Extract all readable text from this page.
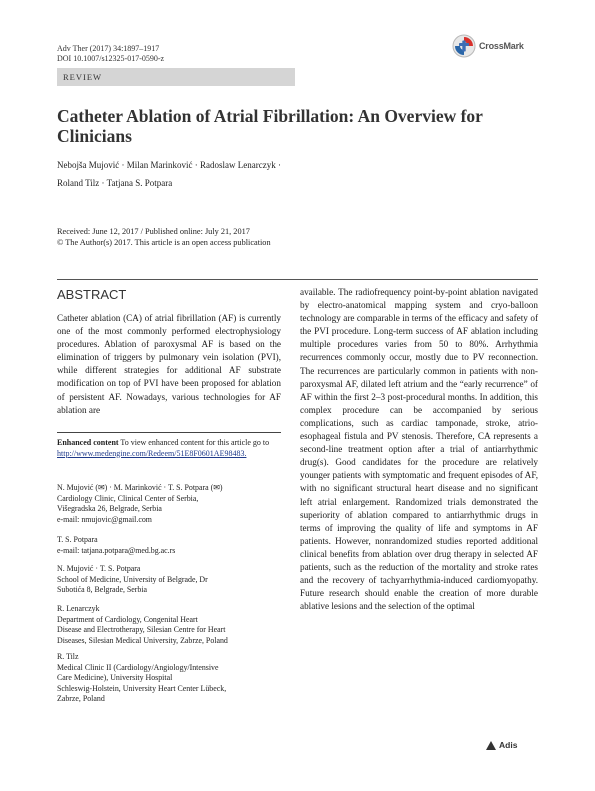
Adv Ther (2017) 34:1897–1917
DOI 10.1007/s12325-017-0590-z
CrossMark
REVIEW
Catheter Ablation of Atrial Fibrillation: An Overview for Clinicians
Nebojša Mujović · Milan Marinković · Radoslaw Lenarczyk ·
Roland Tilz · Tatjana S. Potpara
Received: June 12, 2017 / Published online: July 21, 2017
© The Author(s) 2017. This article is an open access publication
ABSTRACT
Catheter ablation (CA) of atrial fibrillation (AF) is currently one of the most commonly performed electrophysiology procedures. Ablation of paroxysmal AF is based on the elimination of triggers by pulmonary vein isolation (PVI), while different strategies for additional AF substrate modification on top of PVI have been proposed for ablation of persistent AF. Nowadays, various technologies for AF ablation are
Enhanced content To view enhanced content for this article go to http://www.medengine.com/Redeem/51E8F0601AE98483.

N. Mujović (✉) · M. Marinković · T. S. Potpara (✉)

Cardiology Clinic, Clinical Center of Serbia,

Višegradska 26, Belgrade, Serbia

e-mail: nmujovic@gmail.com

T. S. Potpara

e-mail: tatjana.potpara@med.bg.ac.rs

N. Mujović · T. S. Potpara

School of Medicine, University of Belgrade, Dr

Subotića 8, Belgrade, Serbia

R. Lenarczyk

Department of Cardiology, Congenital Heart

Disease and Electrotherapy, Silesian Centre for Heart

Diseases, Silesian Medical University, Zabrze, Poland

R. Tilz

Medical Clinic II (Cardiology/Angiology/Intensive

Care Medicine), University Hospital

Schleswig-Holstein, University Heart Center Lübeck,

Zabrze, Poland

available. The radiofrequency point-by-point ablation navigated by electro-anatomical mapping system and cryo-balloon technology are comparable in terms of the efficacy and safety of the PVI procedure. Long-term success of AF ablation including multiple procedures varies from 50 to 80%. Arrhythmia recurrences commonly occur, mostly due to PV reconnection. The recurrences are particularly common in patients with non-paroxysmal AF, dilated left atrium and the “early recurrence” of AF within the first 2–3 post-procedural months. In addition, this complex procedure can be accompanied by serious complications, such as cardiac tamponade, stroke, atrio-esophageal fistula and PV stenosis. Therefore, CA represents a second-line treatment option after a trial of antiarrhythmic drug(s). Good candidates for the procedure are relatively younger patients with symptomatic and frequent episodes of AF, with no significant structural heart disease and no significant left atrial enlargement. Randomized trials demonstrated the superiority of ablation compared to antiarrhythmic drugs in terms of improving the quality of life and symptoms in AF patients. However, nonrandomized studies reported additional clinical benefits from ablation over drug therapy in selected AF patients, such as the reduction of the mortality and stroke rates and the recovery of tachyarrhythmia-induced cardiomyopathy. Future research should enable the creation of more durable ablative lesions and the selection of the optimal
Adis
